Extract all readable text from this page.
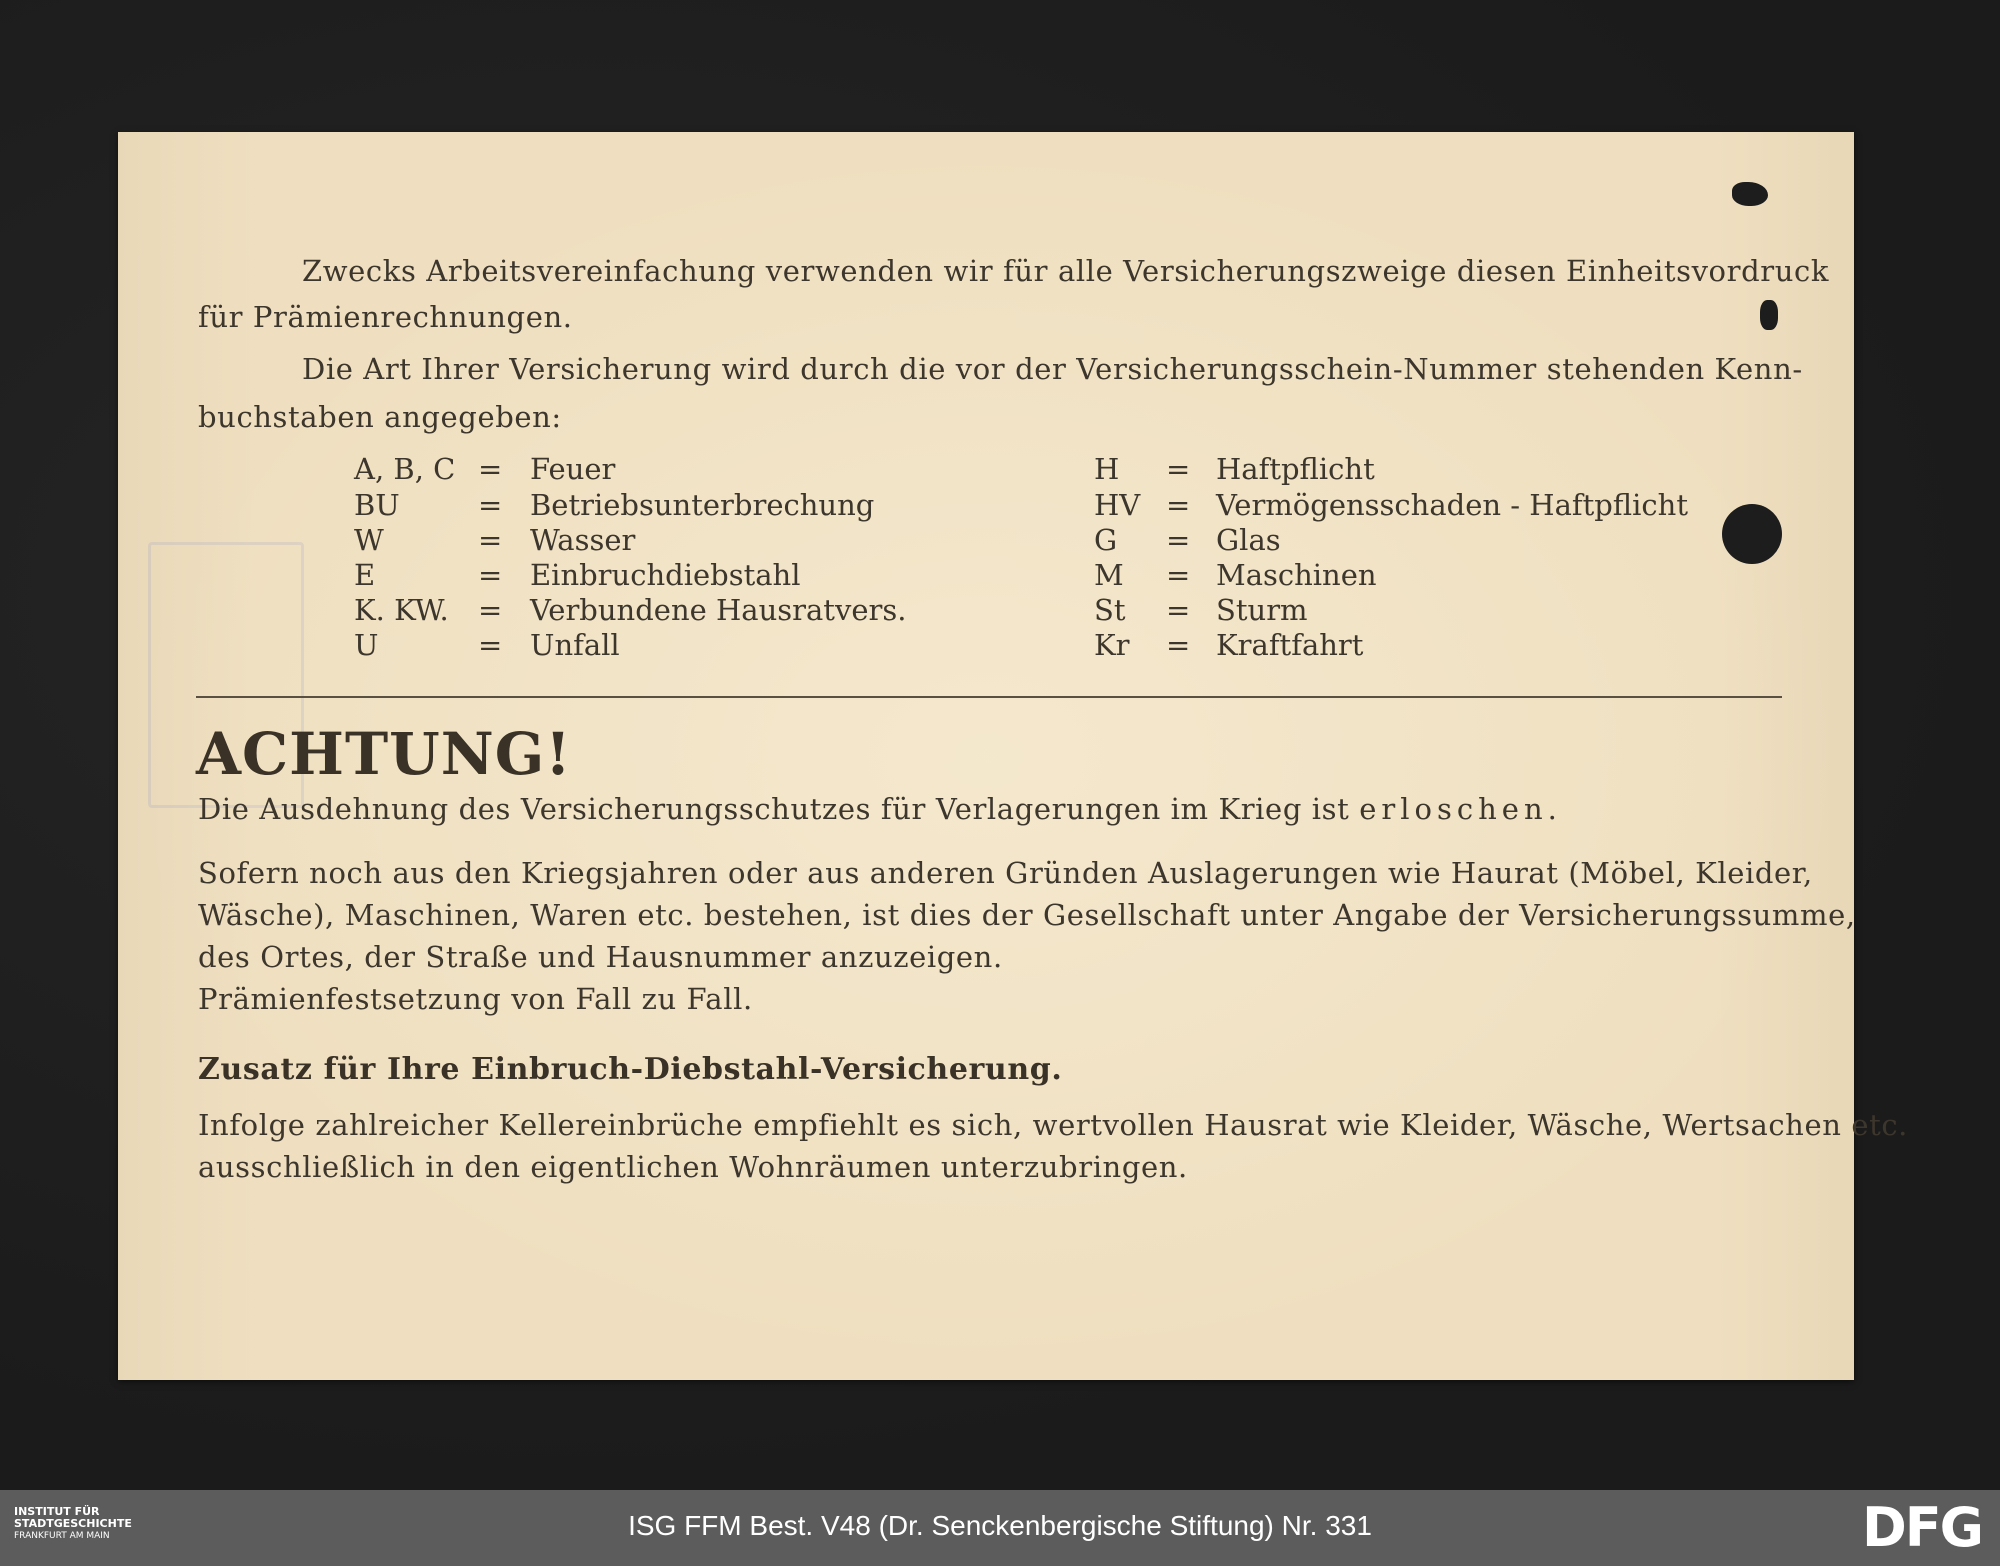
Zwecks Arbeitsvereinfachung verwenden wir für alle Versicherungszweige diesen Einheitsvordruck

für Prämienrechnungen.

Die Art Ihrer Versicherung wird durch die vor der Versicherungsschein-Nummer stehenden Kenn-

buchstaben angegeben:

A, B, C = Feuer
BU	= Betriebsunterbrechung
W	= Wasser
E	= Einbruchdiebstahl
K. KW. = Verbundene Hausratvers.
U	= Unfall
H = Haftpflicht
HV = Vermögensschaden - Haftpflicht
G = Glas
M = Maschinen
St = Sturm
Kr = Kraftfahrt
ACHTUNG!

Die Ausdehnung des Versicherungsschutzes für Verlagerungen im Krieg ist erloschen.

Sofern noch aus den Kriegsjahren oder aus anderen Gründen Auslagerungen wie Haurat (Möbel, Kleider,

Wäsche), Maschinen, Waren etc. bestehen, ist dies der Gesellschaft unter Angabe der Versicherungssumme,

des Ortes, der Straße und Hausnummer anzuzeigen.

Prämienfestsetzung von Fall zu Fall.

Zusatz für Ihre Einbruch-Diebstahl-Versicherung.

Infolge zahlreicher Kellereinbrüche empfiehlt es sich, wertvollen Hausrat wie Kleider, Wäsche, Wertsachen etc.

ausschließlich in den eigentlichen Wohnräumen unterzubringen.

INSTITUT FÜR
STADTGESCHICHTE
FRANKFURT AM MAIN	ISG FFM Best. V48 (Dr. Senckenbergische Stiftung) Nr. 331	DFG
